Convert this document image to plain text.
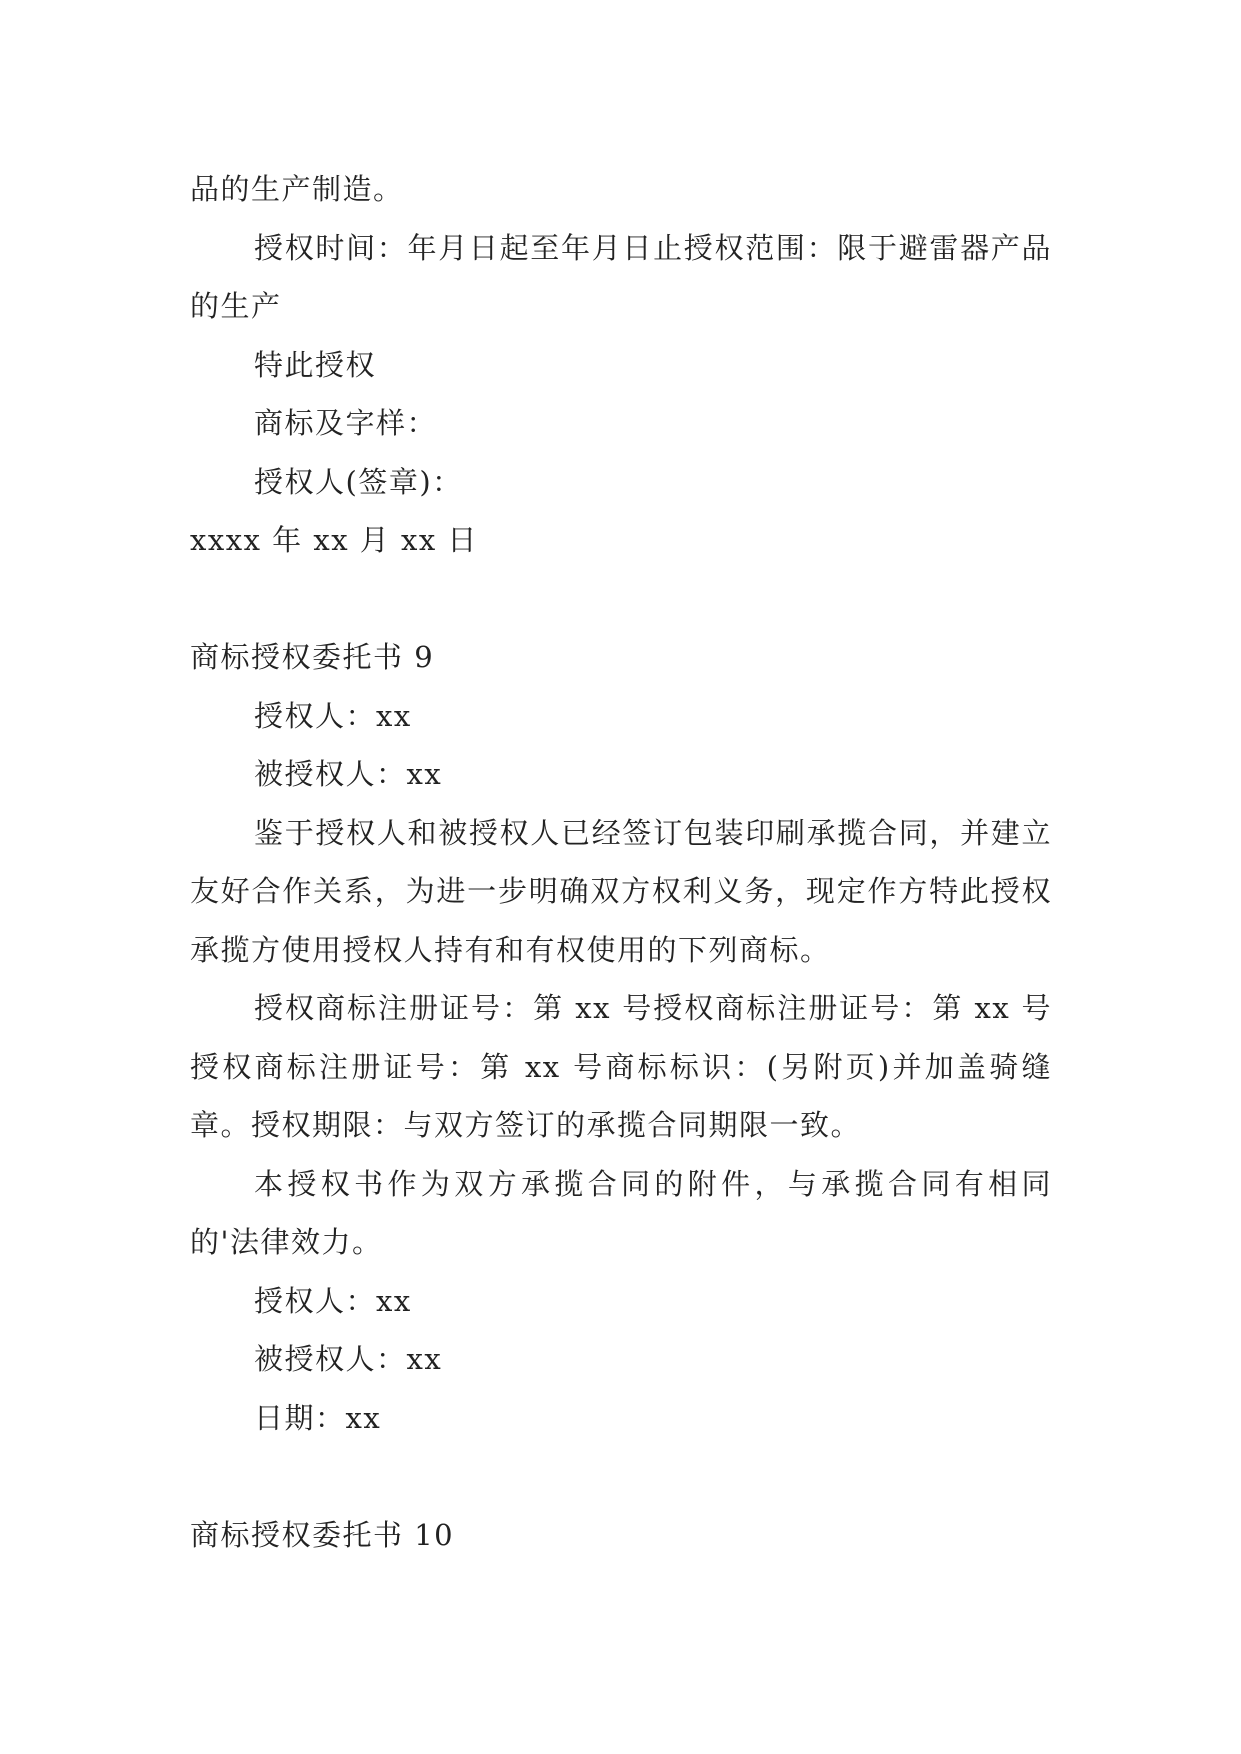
品的生产制造。

授权时间：年月日起至年月日止授权范围：限于避雷器产品的生产

特此授权

商标及字样：

授权人(签章)：

xxxx 年 xx 月 xx 日

商标授权委托书 9

授权人：xx

被授权人：xx

鉴于授权人和被授权人已经签订包装印刷承揽合同，并建立友好合作关系，为进一步明确双方权利义务，现定作方特此授权承揽方使用授权人持有和有权使用的下列商标。

授权商标注册证号：第 xx 号授权商标注册证号：第 xx 号授权商标注册证号：第 xx 号商标标识：(另附页)并加盖骑缝章。授权期限：与双方签订的承揽合同期限一致。

本授权书作为双方承揽合同的附件，与承揽合同有相同的'法律效力。

授权人：xx

被授权人：xx

日期：xx

商标授权委托书 10
